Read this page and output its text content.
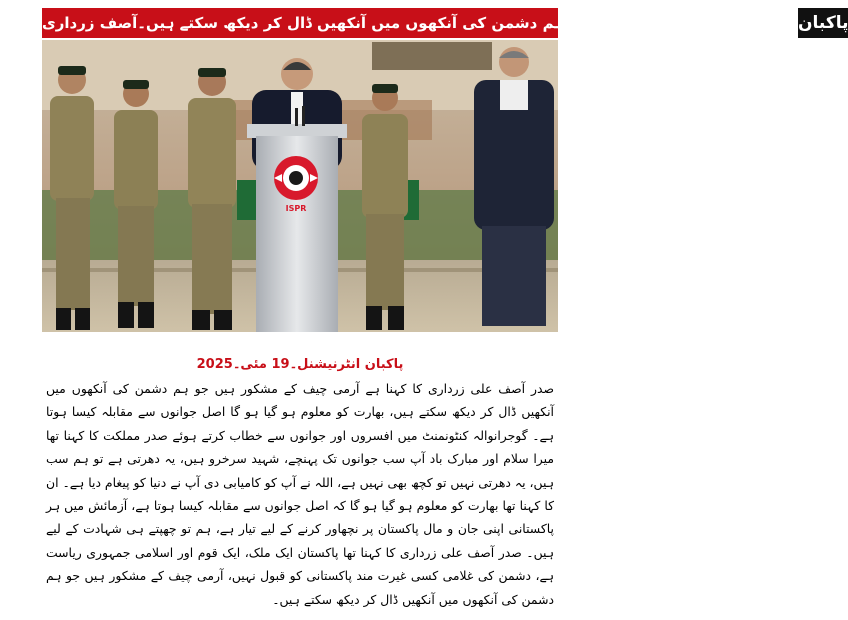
آرمی چیف کے مشکور ہیں جو ہم دشمن کی آنکھوں میں آنکھیں ڈال کر دیکھ سکتے ہیں۔آصف زرداری پاکبان
ISPR
پاکبان انٹرنیشنل۔19 مئی۔2025
صدر آصف علی زرداری کا کہنا ہے آرمی چیف کے مشکور ہیں جو ہم دشمن کی آنکھوں میں آنکھیں ڈال کر دیکھ سکتے ہیں، بھارت کو معلوم ہو گیا ہو گا اصل جوانوں سے مقابلہ کیسا ہوتا ہے۔ گوجرانوالہ کنٹونمنٹ میں افسروں اور جوانوں سے خطاب کرتے ہوئے صدر مملکت کا کہنا تھا میرا سلام اور مبارک باد آپ سب جوانوں تک پہنچے، شہید سرخرو ہیں، یہ دھرتی ہے تو ہم سب ہیں، یہ دھرتی نہیں تو کچھ بھی نہیں ہے، اللہ نے آپ کو کامیابی دی آپ نے دنیا کو پیغام دیا ہے۔ ان کا کہنا تھا بھارت کو معلوم ہو گیا ہو گا کہ اصل جوانوں سے مقابلہ کیسا ہوتا ہے، آزمائش میں ہر پاکستانی اپنی جان و مال پاکستان پر نچھاور کرنے کے لیے تیار ہے، ہم تو چھپتے ہی شہادت کے لیے ہیں۔ صدر آصف علی زرداری کا کہنا تھا پاکستان ایک ملک، ایک قوم اور اسلامی جمہوری ریاست ہے، دشمن کی غلامی کسی غیرت مند پاکستانی کو قبول نہیں، آرمی چیف کے مشکور ہیں جو ہم دشمن کی آنکھوں میں آنکھیں ڈال کر دیکھ سکتے ہیں۔
